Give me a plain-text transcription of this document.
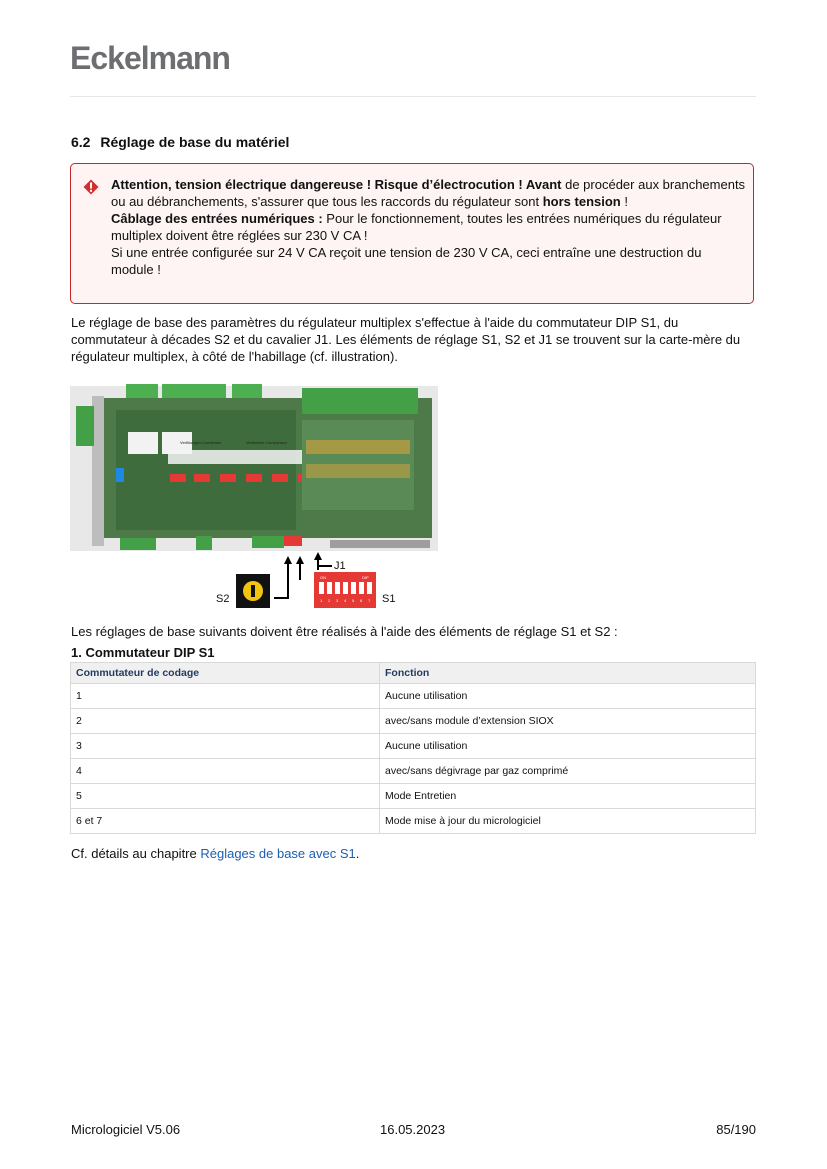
Eckelmann
6.2 Réglage de base du matériel

Attention, tension électrique dangereuse ! Risque d’électrocution ! Avant de procéder aux branchements ou au débranchements, s'assurer que tous les raccords du régulateur sont hors tension !

Câblage des entrées numériques : Pour le fonctionnement, toutes les entrées numériques du régulateur multiplex doivent être réglées sur 230 V CA !

Si une entrée configurée sur 24 V CA reçoit une tension de 230 V CA, ceci entraîne une destruction du module !

Le réglage de base des paramètres du régulateur multiplex s'effectue à l'aide du commutateur DIP S1, du commutateur à décades S2 et du cavalier J1. Les éléments de réglage S1, S2 et J1 se trouvent sur la carte-mère du régulateur multiplex, à côté de l'habillage (cf. illustration).
Verflüssiger Condenser	Verdichter Compressor
J1
S2
ON	DIP
1 2 3 4 5 6 7 S1
Les réglages de base suivants doivent être réalisés à l'aide des éléments de réglage S1 et S2 :
1. Commutateur DIP S1
Commutateur de codage	Fonction
1	Aucune utilisation
2	avec/sans module d’extension SIOX
3	Aucune utilisation
4	avec/sans dégivrage par gaz comprimé
5	Mode Entretien
6 et 7	Mode mise à jour du micrologiciel
Cf. détails au chapitre Réglages de base avec S1.
Micrologiciel V5.06	16.05.2023	85/190
